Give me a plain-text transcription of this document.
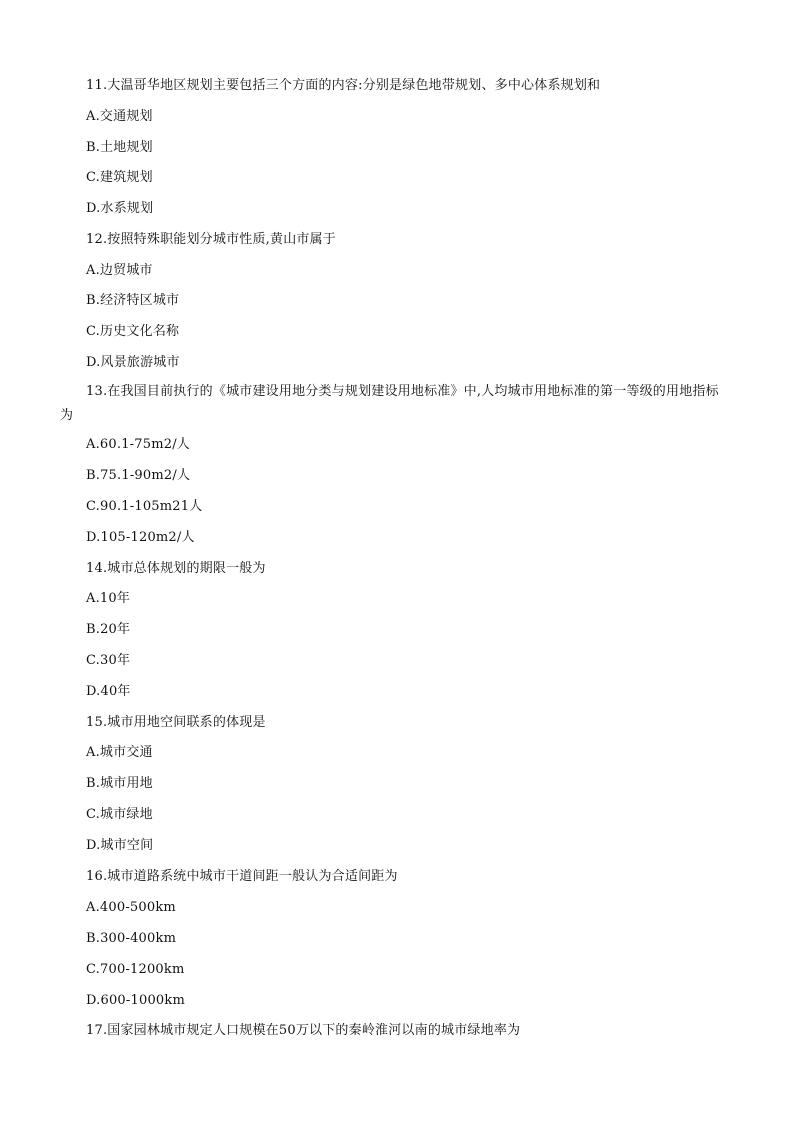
11.大温哥华地区规划主要包括三个方面的内容:分别是绿色地带规划、多中心体系规划和
A.交通规划
B.土地规划
C.建筑规划
D.水系规划
12.按照特殊职能划分城市性质,黄山市属于
A.边贸城市
B.经济特区城市
C.历史文化名称
D.风景旅游城市
13.在我国目前执行的《城市建设用地分类与规划建设用地标准》中,人均城市用地标准的第一等级的用地指标为
A.60.1-75m2/人
B.75.1-90m2/人
C.90.1-105m21人
D.105-120m2/人
14.城市总体规划的期限一般为
A.10年
B.20年
C.30年
D.40年
15.城市用地空间联系的体现是
A.城市交通
B.城市用地
C.城市绿地
D.城市空间
16.城市道路系统中城市干道间距一般认为合适间距为
A.400-500km
B.300-400km
C.700-1200km
D.600-1000km
17.国家园林城市规定人口规模在50万以下的秦岭淮河以南的城市绿地率为
